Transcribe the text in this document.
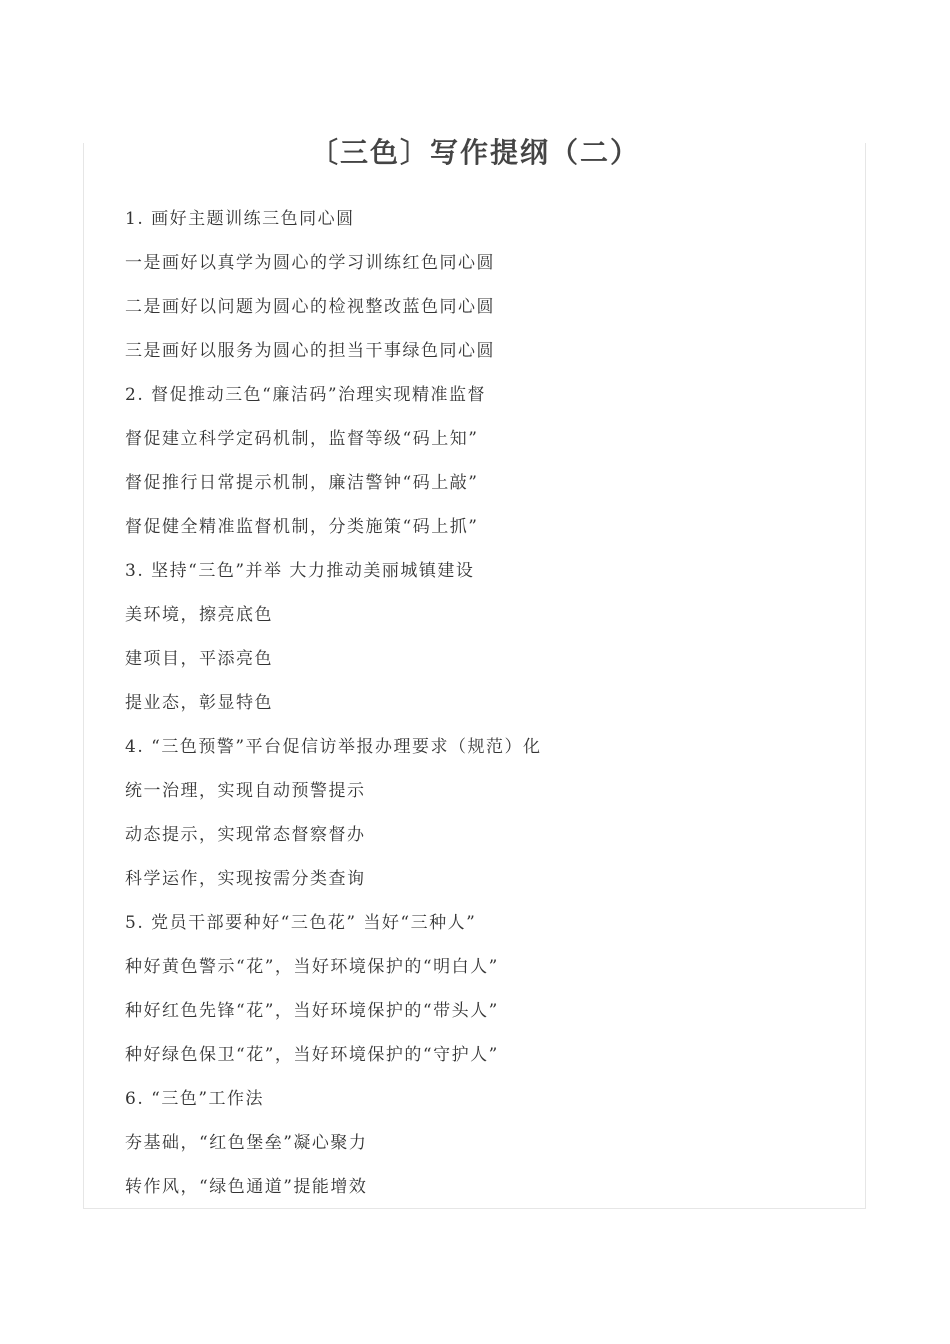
〔三色〕写作提纲（二）
1. 画好主题训练三色同心圆
一是画好以真学为圆心的学习训练红色同心圆
二是画好以问题为圆心的检视整改蓝色同心圆
三是画好以服务为圆心的担当干事绿色同心圆
2. 督促推动三色“廉洁码”治理实现精准监督
督促建立科学定码机制，监督等级“码上知”
督促推行日常提示机制，廉洁警钟“码上敲”
督促健全精准监督机制，分类施策“码上抓”
3. 坚持“三色”并举 大力推动美丽城镇建设
美环境，擦亮底色
建项目，平添亮色
提业态，彰显特色
4. “三色预警”平台促信访举报办理要求（规范）化
统一治理，实现自动预警提示
动态提示，实现常态督察督办
科学运作，实现按需分类查询
5. 党员干部要种好“三色花” 当好“三种人”
种好黄色警示“花”，当好环境保护的“明白人”
种好红色先锋“花”，当好环境保护的“带头人”
种好绿色保卫“花”，当好环境保护的“守护人”
6. “三色”工作法
夯基础，“红色堡垒”凝心聚力
转作风，“绿色通道”提能增效
